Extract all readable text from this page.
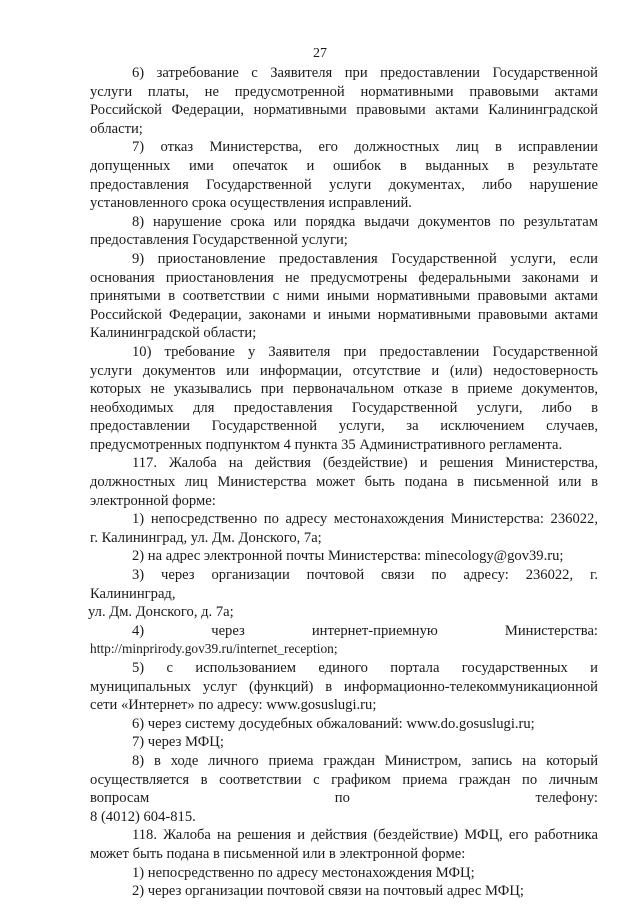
27
6) затребование с Заявителя при предоставлении Государственной
услуги платы, не предусмотренной нормативными правовыми актами
Российской Федерации, нормативными правовыми актами Калининградской
области;
7) отказ Министерства, его должностных лиц в исправлении
допущенных ими опечаток и ошибок в выданных в результате
предоставления Государственной услуги документах, либо нарушение
установленного срока осуществления исправлений.
8) нарушение срока или порядка выдачи документов по результатам
предоставления Государственной услуги;
9) приостановление предоставления Государственной услуги, если
основания приостановления не предусмотрены федеральными законами и
принятыми в соответствии с ними иными нормативными правовыми актами
Российской Федерации, законами и иными нормативными правовыми актами
Калининградской области;
10) требование у Заявителя при предоставлении Государственной
услуги документов или информации, отсутствие и (или) недостоверность
которых не указывались при первоначальном отказе в приеме документов,
необходимых для предоставления Государственной услуги, либо в
предоставлении Государственной услуги, за исключением случаев,
предусмотренных подпунктом 4 пункта 35 Административного регламента.
117. Жалоба на действия (бездействие) и решения Министерства,
должностных лиц Министерства может быть подана в письменной или в
электронной форме:
1) непосредственно по адресу местонахождения Министерства: 236022,
г. Калининград, ул. Дм. Донского, 7а;
2) на адрес электронной почты Министерства: minecology@gov39.ru;
3) через организации почтовой связи по адресу: 236022, г.
Калининград,
ул. Дм. Донского, д. 7а;
4) через интернет-приемную Министерства:
http://minprirody.gov39.ru/internet_reception;
5) с использованием единого портала государственных и
муниципальных услуг (функций) в информационно-телекоммуникационной
сети «Интернет» по адресу: www.gosuslugi.ru;
6) через систему досудебных обжалований: www.do.gosuslugi.ru;
7) через МФЦ;
8) в ходе личного приема граждан Министром, запись на который
осуществляется в соответствии с графиком приема граждан по личным
вопросам по телефону:
8 (4012) 604-815.
118. Жалоба на решения и действия (бездействие) МФЦ, его работника
может быть подана в письменной или в электронной форме:
1) непосредственно по адресу местонахождения МФЦ;
2) через организации почтовой связи на почтовый адрес МФЦ;
